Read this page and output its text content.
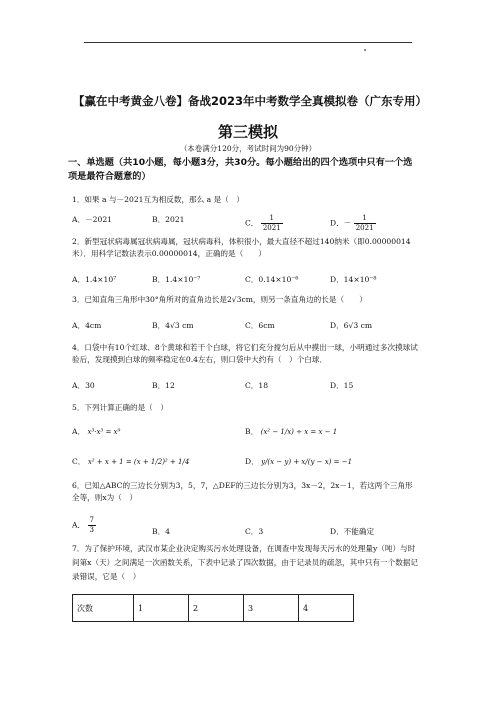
【赢在中考黄金八卷】备战2023年中考数学全真模拟卷（广东专用）
第三模拟
（本卷满分120分，考试时间为90分钟）
一、单选题（共10小题，每小题3分，共30分。每小题给出的四个选项中只有一个选项是最符合题意的）
1．如果 a 与－2021互为相反数，那么 a 是（　）
A．－2021	B．2021	C． $\frac{1}{2021}$	D．－ $\frac{1}{2021}$
2．新型冠状病毒属冠状病毒属，冠状病毒科，体积很小，最大直径不超过140纳米（即0.00000014米）．用科学记数法表示0.00000014，正确的是（　　）
A．1.4×10⁷	B．1.4×10⁻⁷	C．0.14×10⁻⁶	D．14×10⁻⁸
3．已知直角三角形中30°角所对的直角边长是2√3cm，则另一条直角边的长是（　　）
A．4cm	B．4√3 cm	C．6cm	D．6√3 cm
4．口袋中有10个红球、8个黄球和若干个白球，将它们充分搅匀后从中摸出一球，小明通过多次摸球试验后，发现摸到白球的频率稳定在0.4左右，则口袋中大约有（　）个白球．
A．30	B．12	C．18	D．15
5．下列计算正确的是（　）
A． x³·x³ = x⁹	B． (x² − 1/x) ÷ x = x − 1
C． x² + x + 1 = (x + 1/2)² + 1/4	D． y/(x − y) + x/(y − x) = −1
6．已知△ABC的三边长分别为3，5，7，△DEF的三边长分别为3，3x－2，2x－1，若这两个三角形全等，则x为（　）
A． $\frac{7}{3}$	B．4	C．3	D．不能确定
7．为了保护环境，武汉市某企业决定购买污水处理设备，在调查中发现每天污水的处理量y（吨）与时间第x（天）之间满足一次函数关系，下表中记录了四次数据，由于记录员的疏忽，其中只有一个数据记录错误，它是（　）
次数	1	2	3	4
